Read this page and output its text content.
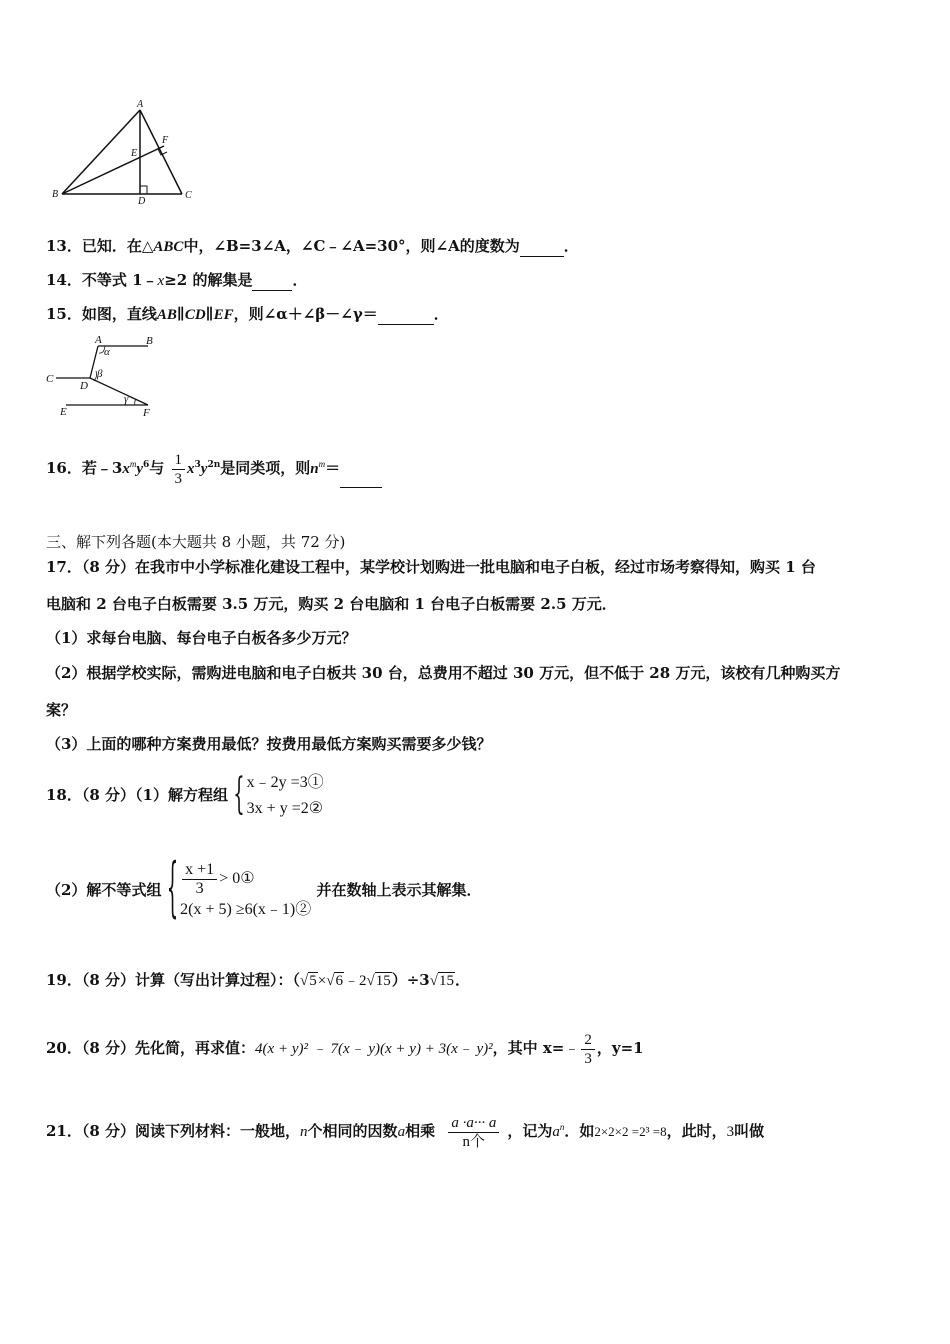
A
B	C
D
E
F
13．已知．在△ABC中，∠B=3∠A，∠C﹣∠A=30°，则∠A的度数为	．
14．不等式 1﹣x≥2 的解集是	．
15．如图，直线AB∥CD∥EF，则∠α＋∠β－∠γ＝	．
A	B
C
D
E	F
α
β
γ
16．若$﹣3x^my^6$与 $\frac{1}{3} x^3y^{2n}$是同类项，则$n^m=$
三、解下列各题(本大题共 8 小题，共 72 分)
17．（8 分）在我市中小学标准化建设工程中，某学校计划购进一批电脑和电子白板，经过市场考察得知，购买 1 台
电脑和 2 台电子白板需要 3.5 万元，购买 2 台电脑和 1 台电子白板需要 2.5 万元．
（1）求每台电脑、每台电子白板各多少万元？
（2）根据学校实际，需购进电脑和电子白板共 30 台，总费用不超过 30 万元，但不低于 28 万元，该校有几种购买方
案？
（3）上面的哪种方案费用最低？按费用最低方案购买需要多少钱？
18．（8 分）（1）解方程组 { x﹣2y =3①
3x + y =2②
（2）解不等式组 { $\frac{x +1}{3}$ > 0①
2(x + 5) ≥6(x﹣1)②
并在数轴上表示其解集．
19．（8 分）计算（写出计算过程）：（√5×√6﹣2√15）÷3√15．
20．（8 分）先化简，再求值：4(x + y)² ﹣ 7(x﹣ y)(x + y) + 3(x﹣ y)²，其中 x=﹣ $\frac{2}{3}$ ，y=1
21．（8 分）阅读下列材料：一般地，n个相同的因数a相乘 $\frac{a \cdot a\cdot\cdot\cdot a}{\text{n个}}$ ，记为$a^n$．如2×2×2 =2³ =8，此时，3叫做
